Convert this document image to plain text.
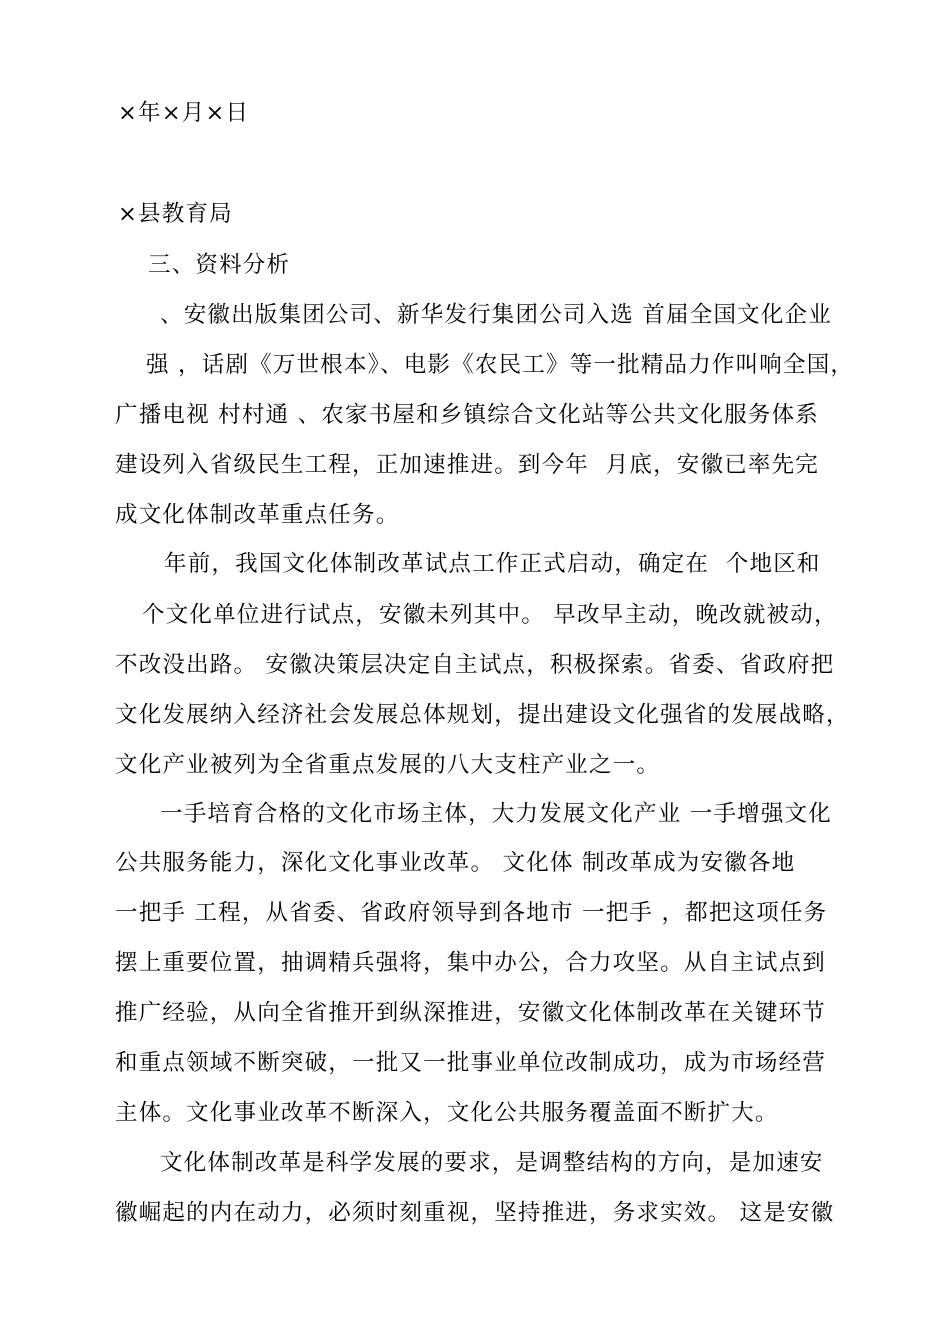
×年×月×日
×县教育局
三、资料分析
、安徽出版集团公司、新华发行集团公司入选 首届全国文化企业
强 ，话剧《万世根本》、电影《农民工》等一批精品力作叫响全国，
广播电视 村村通 、农家书屋和乡镇综合文化站等公共文化服务体系
建设列入省级民生工程，正加速推进。到今年  月底，安徽已率先完
成文化体制改革重点任务。
年前，我国文化体制改革试点工作正式启动，确定在  个地区和
个文化单位进行试点，安徽未列其中。 早改早主动，晚改就被动，
不改没出路。 安徽决策层决定自主试点，积极探索。省委、省政府把
文化发展纳入经济社会发展总体规划，提出建设文化强省的发展战略，
文化产业被列为全省重点发展的八大支柱产业之一。
一手培育合格的文化市场主体，大力发展文化产业 一手增强文化
公共服务能力，深化文化事业改革。 文化体 制改革成为安徽各地
一把手 工程，从省委、省政府领导到各地市 一把手 ，都把这项任务
摆上重要位置，抽调精兵强将，集中办公，合力攻坚。从自主试点到
推广经验，从向全省推开到纵深推进，安徽文化体制改革在关键环节
和重点领域不断突破，一批又一批事业单位改制成功，成为市场经营
主体。文化事业改革不断深入，文化公共服务覆盖面不断扩大。
文化体制改革是科学发展的要求，是调整结构的方向，是加速安
徽崛起的内在动力，必须时刻重视，坚持推进，务求实效。 这是安徽
